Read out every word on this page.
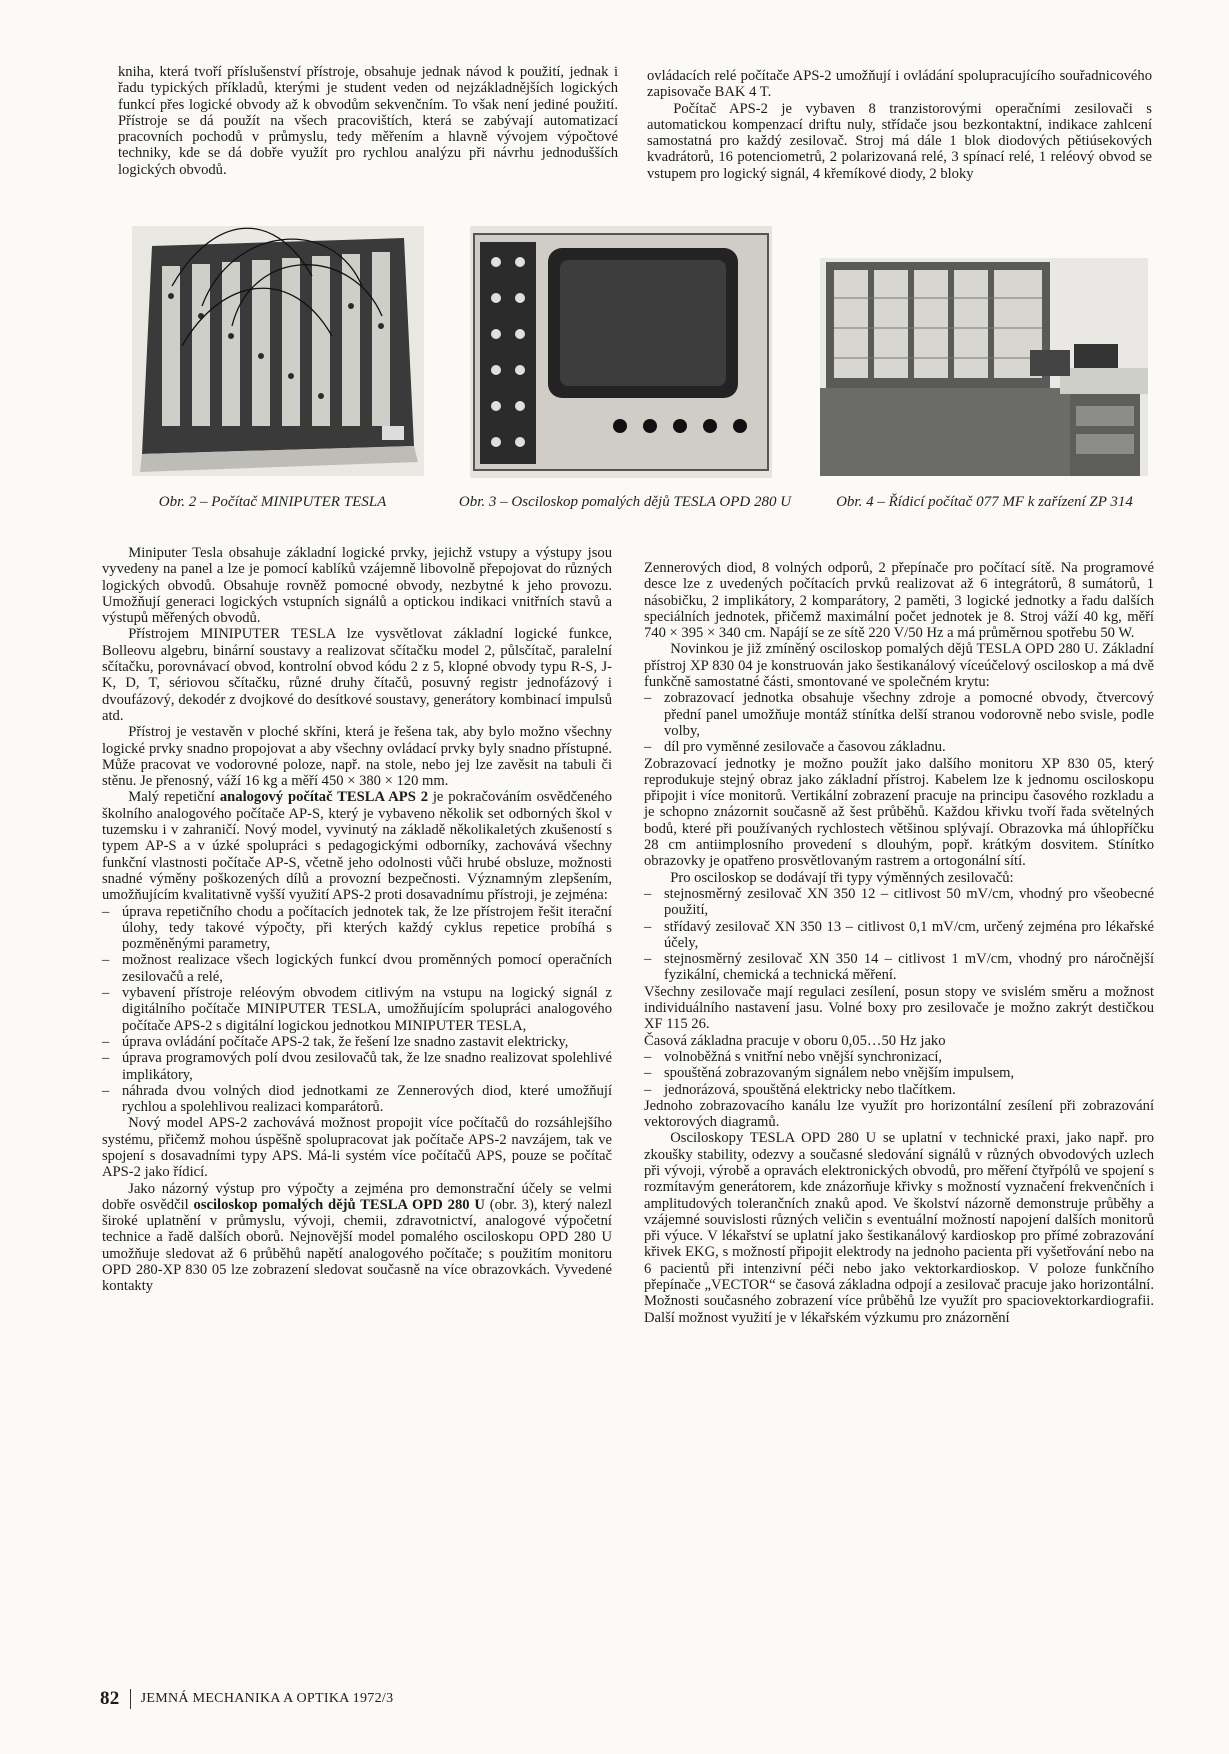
kniha, která tvoří příslušenství přístroje, obsahuje jednak návod k použití, jednak i řadu typických příkladů, kterými je student veden od nejzákladnějších logických funkcí přes logické obvody až k obvodům sekvenčním. To však není jediné použití. Přístroje se dá použít na všech pracovištích, která se zabývají automatizací pracovních pochodů v průmyslu, tedy měřením a hlavně vývojem výpočtové techniky, kde se dá dobře využít pro rychlou analýzu při návrhu jednodušších logických obvodů.

ovládacích relé počítače APS-2 umožňují i ovládání spolupracujícího souřadnicového zapisovače BAK 4 T.

Počítač APS-2 je vybaven 8 tranzistorovými operačními zesilovači s automatickou kompenzací driftu nuly, střídače jsou bezkontaktní, indikace zahlcení samostatná pro každý zesilovač. Stroj má dále 1 blok diodových pětiúsekových kvadrátorů, 16 potenciometrů, 2 polarizovaná relé, 3 spínací relé, 1 reléový obvod se vstupem pro logický signál, 4 křemíkové diody, 2 bloky

Obr. 2 – Počítač MINIPUTER TESLA	Obr. 3 – Osciloskop pomalých dějů TESLA OPD 280 U	Obr. 4 – Řídicí počítač 077 MF k zařízení ZP 314

Miniputer Tesla obsahuje základní logické prvky, jejichž vstupy a výstupy jsou vyvedeny na panel a lze je pomocí kablíků vzájemně libovolně přepojovat do různých logických obvodů. Obsahuje rovněž pomocné obvody, nezbytné k jeho provozu. Umožňují generaci logických vstupních signálů a optickou indikaci vnitřních stavů a výstupů měřených obvodů.

Přístrojem MINIPUTER TESLA lze vysvětlovat základní logické funkce, Bolleovu algebru, binární soustavy a realizovat sčítačku model 2, půlsčítač, paralelní sčítačku, porovnávací obvod, kontrolní obvod kódu 2 z 5, klopné obvody typu R-S, J-K, D, T, sériovou sčítačku, různé druhy čítačů, posuvný registr jednofázový i dvoufázový, dekodér z dvojkové do desítkové soustavy, generátory kombinací impulsů atd.

Přístroj je vestavěn v ploché skříni, která je řešena tak, aby bylo možno všechny logické prvky snadno propojovat a aby všechny ovládací prvky byly snadno přístupné. Může pracovat ve vodorovné poloze, např. na stole, nebo jej lze zavěsit na tabuli či stěnu. Je přenosný, váží 16 kg a měří 450 × 380 × 120 mm.

Malý repetiční analogový počítač TESLA APS 2 je pokračováním osvědčeného školního analogového počítače AP-S, který je vybaveno několik set odborných škol v tuzemsku i v zahraničí. Nový model, vyvinutý na základě několikaletých zkušeností s typem AP-S a v úzké spolupráci s pedagogickými odborníky, zachovává všechny funkční vlastnosti počítače AP-S, včetně jeho odolnosti vůči hrubé obsluze, možnosti snadné výměny poškozených dílů a provozní bezpečnosti. Významným zlepšením, umožňujícím kvalitativně vyšší využití APS-2 proti dosavadnímu přístroji, je zejména:

– úprava repetičního chodu a počítacích jednotek tak, že lze přístrojem řešit iterační úlohy, tedy takové výpočty, při kterých každý cyklus repetice probíhá s pozměněnými parametry,
– možnost realizace všech logických funkcí dvou proměnných pomocí operačních zesilovačů a relé,
– vybavení přístroje reléovým obvodem citlivým na vstupu na logický signál z digitálního počítače MINIPUTER TESLA, umožňujícím spolupráci analogového počítače APS-2 s digitální logickou jednotkou MINIPUTER TESLA,
– úprava ovládání počítače APS-2 tak, že řešení lze snadno zastavit elektricky,
– úprava programových polí dvou zesilovačů tak, že lze snadno realizovat spolehlivé implikátory,
– náhrada dvou volných diod jednotkami ze Zennerových diod, které umožňují rychlou a spolehlivou realizaci komparátorů.

Nový model APS-2 zachovává možnost propojit více počítačů do rozsáhlejšího systému, přičemž mohou úspěšně spolupracovat jak počítače APS-2 navzájem, tak ve spojení s dosavadními typy APS. Má-li systém více počítačů APS, pouze se počítač APS-2 jako řídicí.

Jako názorný výstup pro výpočty a zejména pro demonstrační účely se velmi dobře osvědčil osciloskop pomalých dějů TESLA OPD 280 U (obr. 3), který nalezl široké uplatnění v průmyslu, vývoji, chemii, zdravotnictví, analogové výpočetní technice a řadě dalších oborů. Nejnovější model pomalého osciloskopu OPD 280 U umožňuje sledovat až 6 průběhů napětí analogového počítače; s použitím monitoru OPD 280-XP 830 05 lze zobrazení sledovat současně na více obrazovkách. Vyvedené kontakty

Zennerových diod, 8 volných odporů, 2 přepínače pro počítací sítě. Na programové desce lze z uvedených počítacích prvků realizovat až 6 integrátorů, 8 sumátorů, 1 násobičku, 2 implikátory, 2 komparátory, 2 paměti, 3 logické jednotky a řadu dalších speciálních jednotek, přičemž maximální počet jednotek je 8. Stroj váží 40 kg, měří 740 × 395 × 340 cm. Napájí se ze sítě 220 V/50 Hz a má průměrnou spotřebu 50 W.

Novinkou je již zmíněný osciloskop pomalých dějů TESLA OPD 280 U. Základní přístroj XP 830 04 je konstruován jako šestikanálový víceúčelový osciloskop a má dvě funkčně samostatné části, smontované ve společném krytu:

– zobrazovací jednotka obsahuje všechny zdroje a pomocné obvody, čtvercový přední panel umožňuje montáž stínítka delší stranou vodorovně nebo svisle, podle volby,
– díl pro vyměnné zesilovače a časovou základnu.

Zobrazovací jednotky je možno použít jako dalšího monitoru XP 830 05, který reprodukuje stejný obraz jako základní přístroj. Kabelem lze k jednomu osciloskopu připojit i více monitorů. Vertikální zobrazení pracuje na principu časového rozkladu a je schopno znázornit současně až šest průběhů. Každou křivku tvoří řada světelných bodů, které při používaných rychlostech většinou splývají. Obrazovka má úhlopříčku 28 cm antiimplosního provedení s dlouhým, popř. krátkým dosvitem. Stínítko obrazovky je opatřeno prosvětlovaným rastrem a ortogonální sítí.

Pro osciloskop se dodávají tři typy výměnných zesilovačů:

– stejnosměrný zesilovač XN 350 12 – citlivost 50 mV/cm, vhodný pro všeobecné použití,
– střídavý zesilovač XN 350 13 – citlivost 0,1 mV/cm, určený zejména pro lékařské účely,
– stejnosměrný zesilovač XN 350 14 – citlivost 1 mV/cm, vhodný pro náročnější fyzikální, chemická a technická měření.

Všechny zesilovače mají regulaci zesílení, posun stopy ve svislém směru a možnost individuálního nastavení jasu. Volné boxy pro zesilovače je možno zakrýt destičkou XF 115 26.

Časová základna pracuje v oboru 0,05…50 Hz jako

– volnoběžná s vnitřní nebo vnější synchronizací,
– spouštěná zobrazovaným signálem nebo vnějším impulsem,
– jednorázová, spouštěná elektricky nebo tlačítkem.

Jednoho zobrazovacího kanálu lze využít pro horizontální zesílení při zobrazování vektorových diagramů.

Osciloskopy TESLA OPD 280 U se uplatní v technické praxi, jako např. pro zkoušky stability, odezvy a současné sledování signálů v různých obvodových uzlech při vývoji, výrobě a opravách elektronických obvodů, pro měření čtyřpólů ve spojení s rozmítavým generátorem, kde znázorňuje křivky s možností vyznačení frekvenčních i amplitudových tolerančních znaků apod. Ve školství názorně demonstruje průběhy a vzájemné souvislosti různých veličin s eventuální možností napojení dalších monitorů při výuce. V lékařství se uplatní jako šestikanálový kardioskop pro přímé zobrazování křivek EKG, s možností připojit elektrody na jednoho pacienta při vyšetřování nebo na 6 pacientů při intenzivní péči nebo jako vektorkardioskop. V poloze funkčního přepínače „VECTOR“ se časová základna odpojí a zesilovač pracuje jako horizontální. Možnosti současného zobrazení více průběhů lze využít pro spaciovektorkardiografii. Další možnost využití je v lékařském výzkumu pro znázornění

82 JEMNÁ MECHANIKA A OPTIKA 1972/3
